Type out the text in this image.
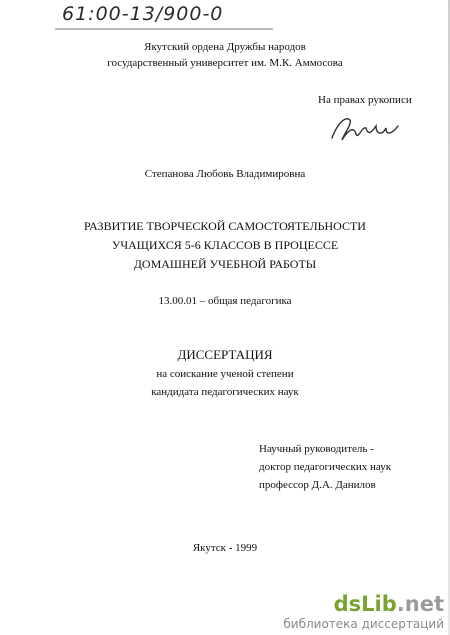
61:00-13/900-0
Якутский ордена Дружбы народов
государственный университет им. М.К. Аммосова
На правах рукописи
Степанова Любовь Владимировна
РАЗВИТИЕ ТВОРЧЕСКОЙ САМОСТОЯТЕЛЬНОСТИ
УЧАЩИХСЯ 5-6 КЛАССОВ В ПРОЦЕССЕ
ДОМАШНЕЙ УЧЕБНОЙ РАБОТЫ
13.00.01 – общая педагогика
ДИССЕРТАЦИЯ
на соискание ученой степени
кандидата педагогических наук
Научный руководитель -
доктор педагогических наук
профессор Д.А. Данилов
Якутск - 1999
dsLib.net
библиотека диссертаций
